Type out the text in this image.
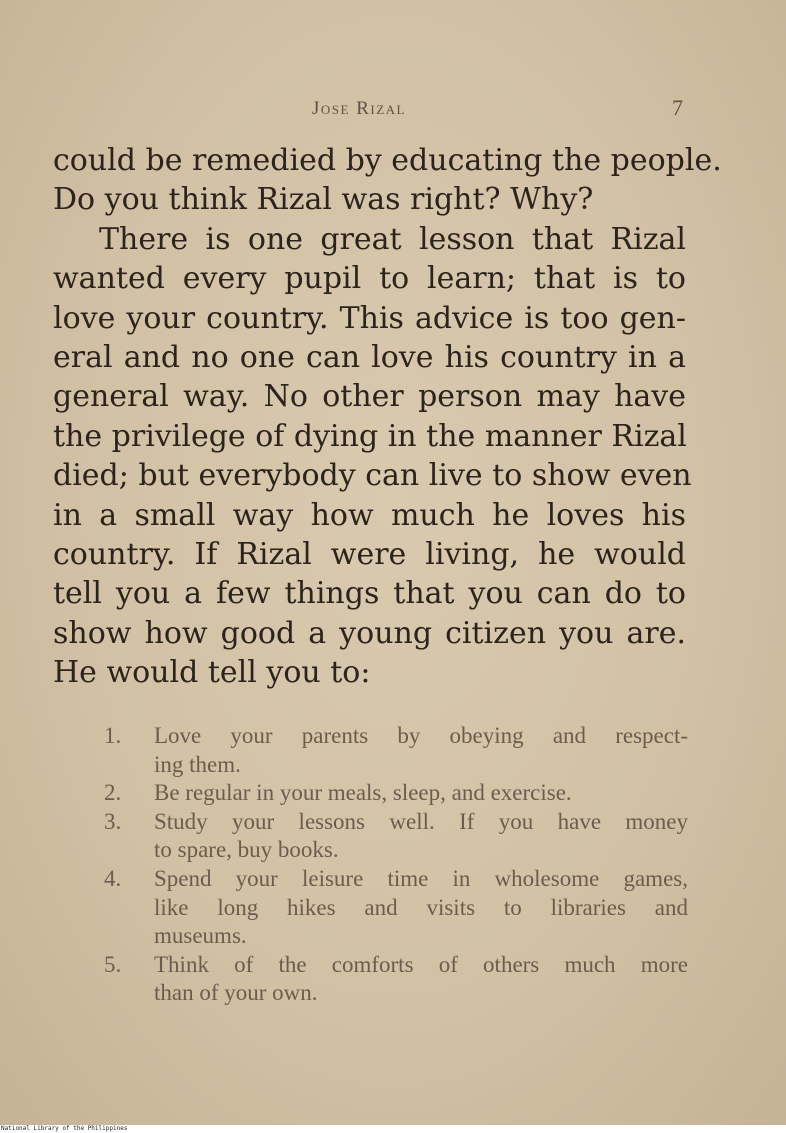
Jose Rizal	7
could be remedied by educating the people.
Do you think Rizal was right? Why?
There is one great lesson that Rizal
wanted every pupil to learn; that is to
love your country. This advice is too gen-
eral and no one can love his country in a
general way. No other person may have
the privilege of dying in the manner Rizal
died; but everybody can live to show even
in a small way how much he loves his
country. If Rizal were living, he would
tell you a few things that you can do to
show how good a young citizen you are.
He would tell you to:
1.	Love your parents by obeying and respect-
ing them.
2.	Be regular in your meals, sleep, and exercise.
3.	Study your lessons well. If you have money
to spare, buy books.
4.	Spend your leisure time in wholesome games,
like long hikes and visits to libraries and
museums.
5.	Think of the comforts of others much more
than of your own.
National Library of the Philippines
